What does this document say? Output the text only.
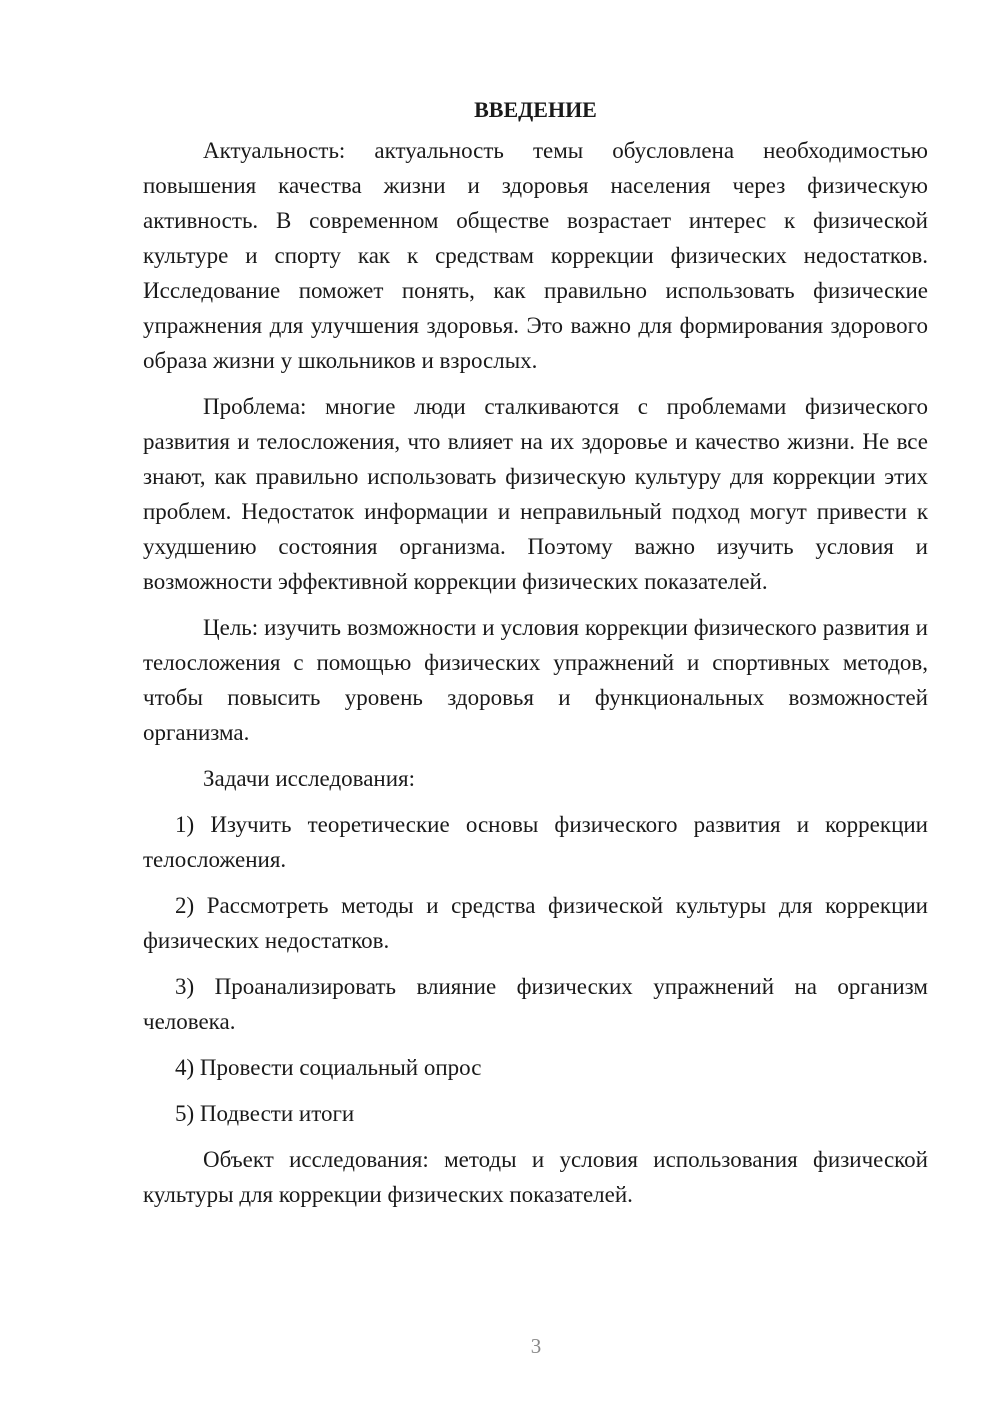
ВВЕДЕНИЕ

Актуальность: актуальность темы обусловлена необходимостью повышения качества жизни и здоровья населения через физическую активность. В современном обществе возрастает интерес к физической культуре и спорту как к средствам коррекции физических недостатков. Исследование поможет понять, как правильно использовать физические упражнения для улучшения здоровья. Это важно для формирования здорового образа жизни у школьников и взрослых.

Проблема: многие люди сталкиваются с проблемами физического развития и телосложения, что влияет на их здоровье и качество жизни. Не все знают, как правильно использовать физическую культуру для коррекции этих проблем. Недостаток информации и неправильный подход могут привести к ухудшению состояния организма. Поэтому важно изучить условия и возможности эффективной коррекции физических показателей.

Цель: изучить возможности и условия коррекции физического развития и телосложения с помощью физических упражнений и спортивных методов, чтобы повысить уровень здоровья и функциональных возможностей организма.

Задачи исследования:

1) Изучить теоретические основы физического развития и коррекции телосложения.

2) Рассмотреть методы и средства физической культуры для коррекции физических недостатков.

3) Проанализировать влияние физических упражнений на организм человека.

4) Провести социальный опрос

5) Подвести итоги

Объект исследования: методы и условия использования физической культуры для коррекции физических показателей.

3
